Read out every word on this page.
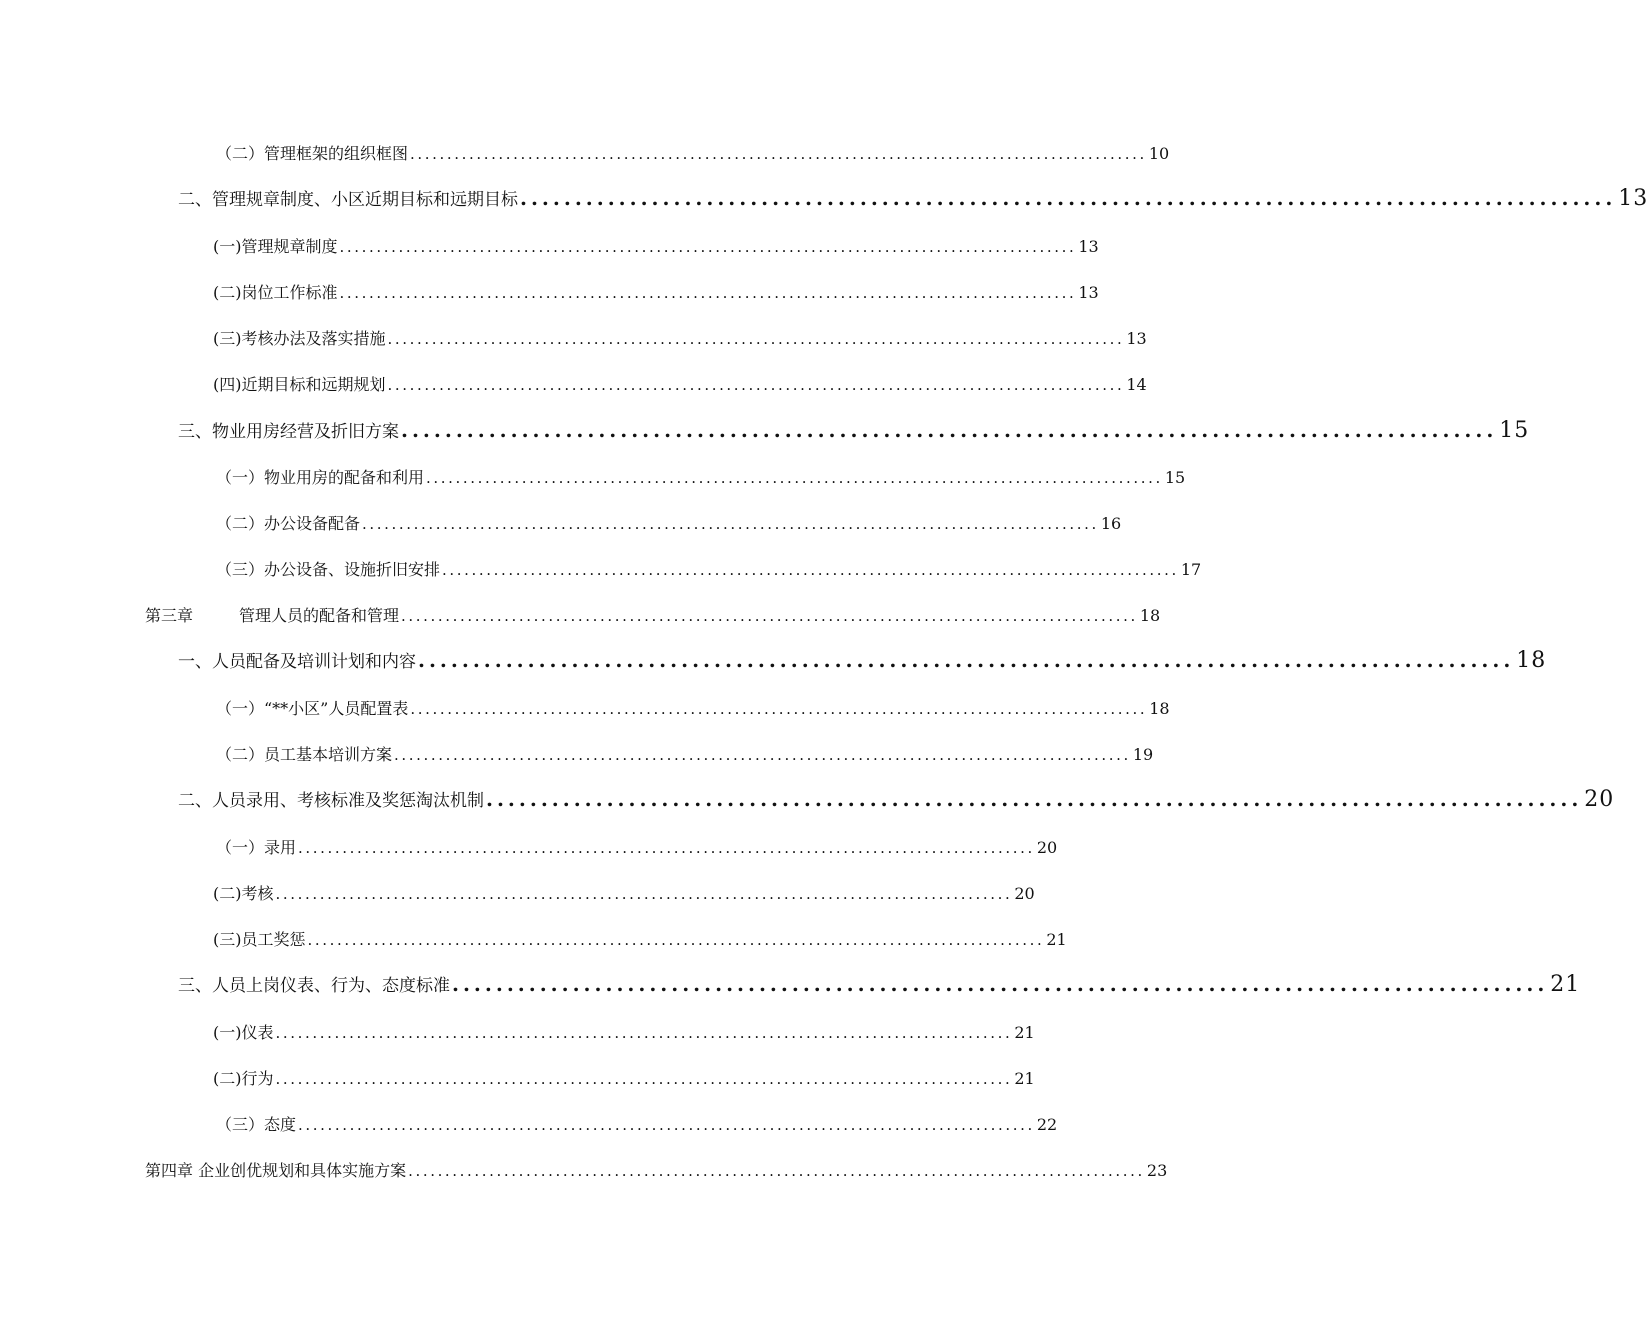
（二）管理框架的组织框图 .................................................................................................... 10
二、管理规章制度、小区近期目标和远期目标 .................................................................................................... 13
(一)管理规章制度 .................................................................................................... 13
(二)岗位工作标准 .................................................................................................... 13
(三)考核办法及落实措施 .................................................................................................... 13
(四)近期目标和远期规划 .................................................................................................... 14
三、物业用房经营及折旧方案 .................................................................................................... 15
（一）物业用房的配备和利用 .................................................................................................... 15
（二）办公设备配备 .................................................................................................... 16
（三）办公设备、设施折旧安排 .................................................................................................... 17
第三章	管理人员的配备和管理 .................................................................................................... 18
一、人员配备及培训计划和内容 .................................................................................................... 18
（一）“**小区”人员配置表 .................................................................................................... 18
（二）员工基本培训方案 .................................................................................................... 19
二、人员录用、考核标准及奖惩淘汰机制 .................................................................................................... 20
（一）录用 .................................................................................................... 20
(二)考核 .................................................................................................... 20
(三)员工奖惩 .................................................................................................... 21
三、人员上岗仪表、行为、态度标准 .................................................................................................... 21
(一)仪表 .................................................................................................... 21
(二)行为 .................................................................................................... 21
（三）态度 .................................................................................................... 22
第四章 企业创优规划和具体实施方案 .................................................................................................... 23
